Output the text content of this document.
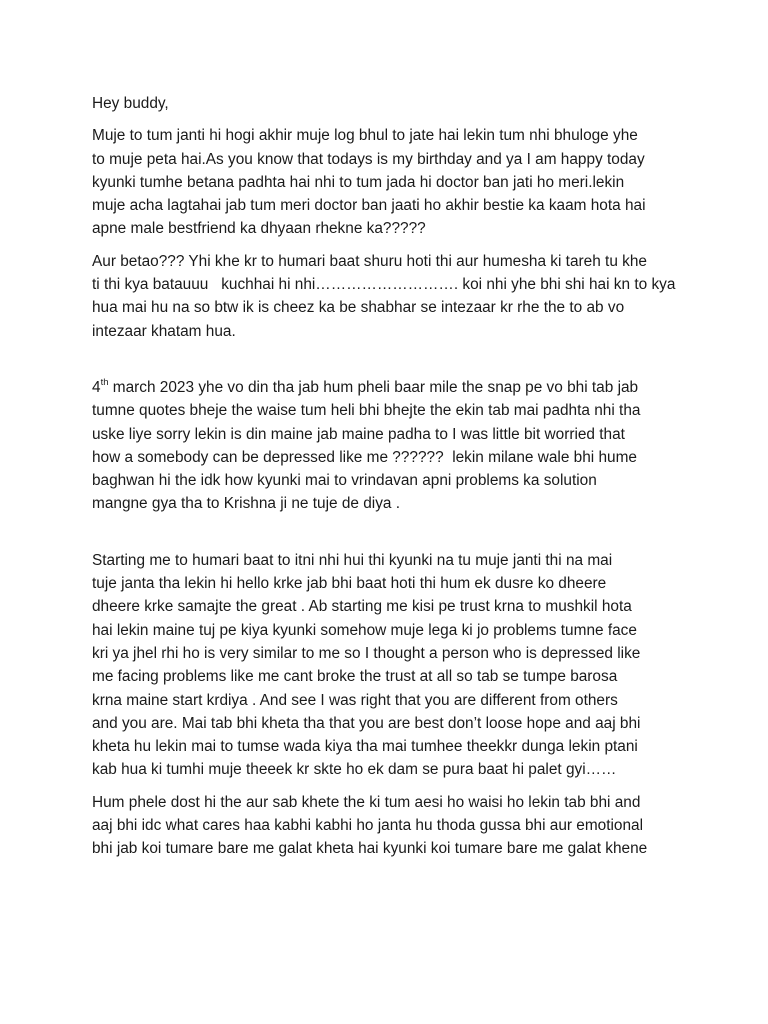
Hey buddy,

Muje to tum janti hi hogi akhir muje log bhul to jate hai lekin tum nhi bhuloge yhe
to muje peta hai.As you know that todays is my birthday and ya I am happy today
kyunki tumhe betana padhta hai nhi to tum jada hi doctor ban jati ho meri.lekin
muje acha lagtahai jab tum meri doctor ban jaati ho akhir bestie ka kaam hota hai
apne male bestfriend ka dhyaan rhekne ka?????

Aur betao??? Yhi khe kr to humari baat shuru hoti thi aur humesha ki tareh tu khe
ti thi kya batauuu   kuchhai hi nhi………………………. koi nhi yhe bhi shi hai kn to kya
hua mai hu na so btw ik is cheez ka be shabhar se intezaar kr rhe the to ab vo
intezaar khatam hua.

4th march 2023 yhe vo din tha jab hum pheli baar mile the snap pe vo bhi tab jab
tumne quotes bheje the waise tum heli bhi bhejte the ekin tab mai padhta nhi tha
uske liye sorry lekin is din maine jab maine padha to I was little bit worried that
how a somebody can be depressed like me ??????  lekin milane wale bhi hume
baghwan hi the idk how kyunki mai to vrindavan apni problems ka solution
mangne gya tha to Krishna ji ne tuje de diya .

Starting me to humari baat to itni nhi hui thi kyunki na tu muje janti thi na mai
tuje janta tha lekin hi hello krke jab bhi baat hoti thi hum ek dusre ko dheere
dheere krke samajte the great . Ab starting me kisi pe trust krna to mushkil hota
hai lekin maine tuj pe kiya kyunki somehow muje lega ki jo problems tumne face
kri ya jhel rhi ho is very similar to me so I thought a person who is depressed like
me facing problems like me cant broke the trust at all so tab se tumpe barosa
krna maine start krdiya . And see I was right that you are different from others
and you are. Mai tab bhi kheta tha that you are best don’t loose hope and aaj bhi
kheta hu lekin mai to tumse wada kiya tha mai tumhee theekkr dunga lekin ptani
kab hua ki tumhi muje theeek kr skte ho ek dam se pura baat hi palet gyi……

Hum phele dost hi the aur sab khete the ki tum aesi ho waisi ho lekin tab bhi and
aaj bhi idc what cares haa kabhi kabhi ho janta hu thoda gussa bhi aur emotional
bhi jab koi tumare bare me galat kheta hai kyunki koi tumare bare me galat khene
